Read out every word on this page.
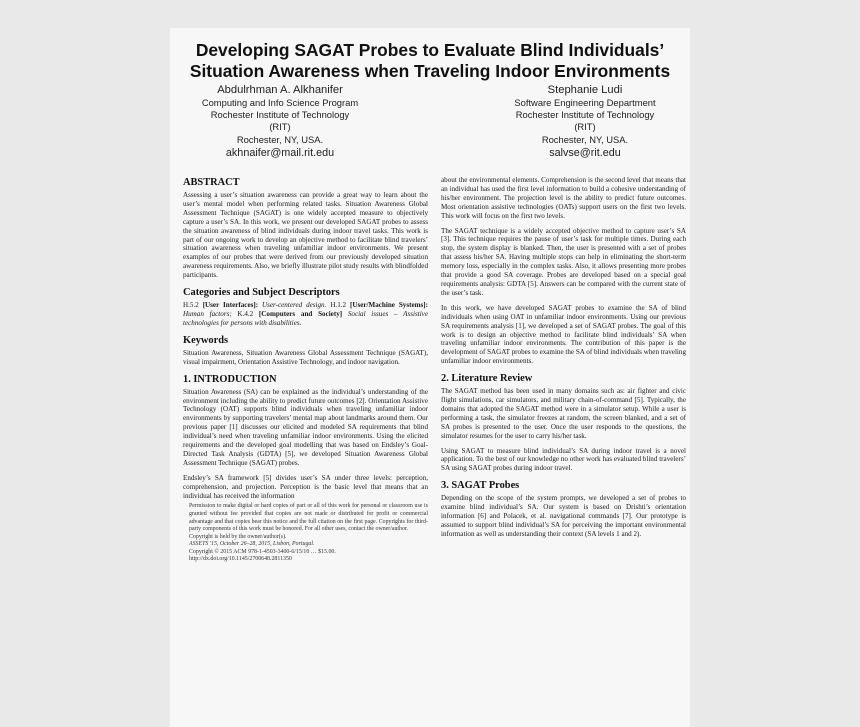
Developing SAGAT Probes to Evaluate Blind Individuals’
Situation Awareness when Traveling Indoor Environments
Abdulrhman A. Alkhanifer
Computing and Info Science Program
Rochester Institute of Technology
(RIT)
Rochester, NY, USA.
akhnaifer@mail.rit.edu
Stephanie Ludi
Software Engineering Department
Rochester Institute of Technology
(RIT)
Rochester, NY, USA.
salvse@rit.edu
ABSTRACT

Assessing a user’s situation awareness can provide a great way to learn about the user’s mental model when performing related tasks. Situation Awareness Global Assessment Technique (SAGAT) is one widely accepted measure to objectively capture a user’s SA. In this work, we present our developed SAGAT probes to assess the situation awareness of blind individuals during indoor travel tasks. This work is part of our ongoing work to develop an objective method to facilitate blind travelers’ situation awareness when traveling unfamiliar indoor environments. We present examples of our probes that were derived from our previously developed situation awareness requirements. Also, we briefly illustrate pilot study results with blindfolded participants.

Categories and Subject Descriptors

H.5.2 [User Interfaces]: User-centered design. H.1.2 [User/Machine Systems]: Human factors; K.4.2 [Computers and Society] Social issues – Assistive technologies for persons with disabilities.

Keywords

Situation Awareness, Situation Awareness Global Assessment Technique (SAGAT), visual impairment, Orientation Assistive Technology, and indoor navigation.

1. INTRODUCTION

Situation Awareness (SA) can be explained as the individual’s understanding of the environment including the ability to predict future outcomes [2]. Orientation Assistive Technology (OAT) supports blind individuals when traveling unfamiliar indoor environments by supporting travelers’ mental map about landmarks around them. Our previous paper [1] discusses our elicited and modeled SA requirements that blind individual’s need when traveling unfamiliar indoor environments. Using the elicited requirements and the developed goal modelling that was based on Endsley’s Goal-Directed Task Analysis (GDTA) [5], we developed Situation Awareness Global Assessment Technique (SAGAT) probes.

Endsley’s SA framework [5] divides user’s SA under three levels: perception, comprehension, and projection. Perception is the basic level that means that an individual has received the information

Permission to make digital or hard copies of part or all of this work for personal or classroom use is granted without fee provided that copies are not made or distributed for profit or commercial advantage and that copies bear this notice and the full citation on the first page. Copyrights for third-party components of this work must be honored. For all other uses, contact the owner/author.
Copyright is held by the owner/author(s).
ASSETS '15, October 26–28, 2015, Lisbon, Portugal.
Copyright © 2015 ACM 978-1-4503-3400-6/15/10 … $15.00.
http://dx.doi.org/10.1145/2700648.2811350

about the environmental elements. Comprehension is the second level that means that an individual has used the first level information to build a cohesive understanding of his/her environment. The projection level is the ability to predict future outcomes. Most orientation assistive technologies (OATs) support users on the first two levels. This work will focus on the first two levels.

The SAGAT technique is a widely accepted objective method to capture user’s SA [3]. This technique requires the pause of user’s task for multiple times. During each stop, the system display is blanked. Then, the user is presented with a set of probes that assess his/her SA. Having multiple stops can help in eliminating the short-term memory loss, especially in the complex tasks. Also, it allows presenting more probes that provide a good SA coverage. Probes are developed based on a special goal requirements analysis: GDTA [5]. Answers can be compared with the current state of the user’s task.

In this work, we have developed SAGAT probes to examine the SA of blind individuals when using OAT in unfamiliar indoor environments. Using our previous SA requirements analysis [1], we developed a set of SAGAT probes. The goal of this work is to design an objective method to facilitate blind individuals’ SA when traveling unfamiliar indoor environments. The contribution of this paper is the development of SAGAT probes to examine the SA of blind individuals when traveling unfamiliar indoor environments.

2. Literature Review

The SAGAT method has been used in many domains such as: air fighter and civic flight simulations, car simulators, and military chain-of-command [5]. Typically, the domains that adopted the SAGAT method were in a simulator setup. While a user is performing a task, the simulator freezes at random, the screen blanked, and a set of SA probes is presented to the user. Once the user responds to the questions, the simulator resumes for the user to carry his/her task.

Using SAGAT to measure blind individual’s SA during indoor travel is a novel application. To the best of our knowledge no other work has evaluated blind travelers’ SA using SAGAT probes during indoor travel.

3. SAGAT Probes

Depending on the scope of the system prompts, we developed a set of probes to examine blind individual’s SA. Our system is based on Drishti’s orientation information [6] and Polacek, et al. navigational commands [7]. Our prototype is assumed to support blind individual’s SA for perceiving the important environmental information as well as understanding their context (SA levels 1 and 2).
